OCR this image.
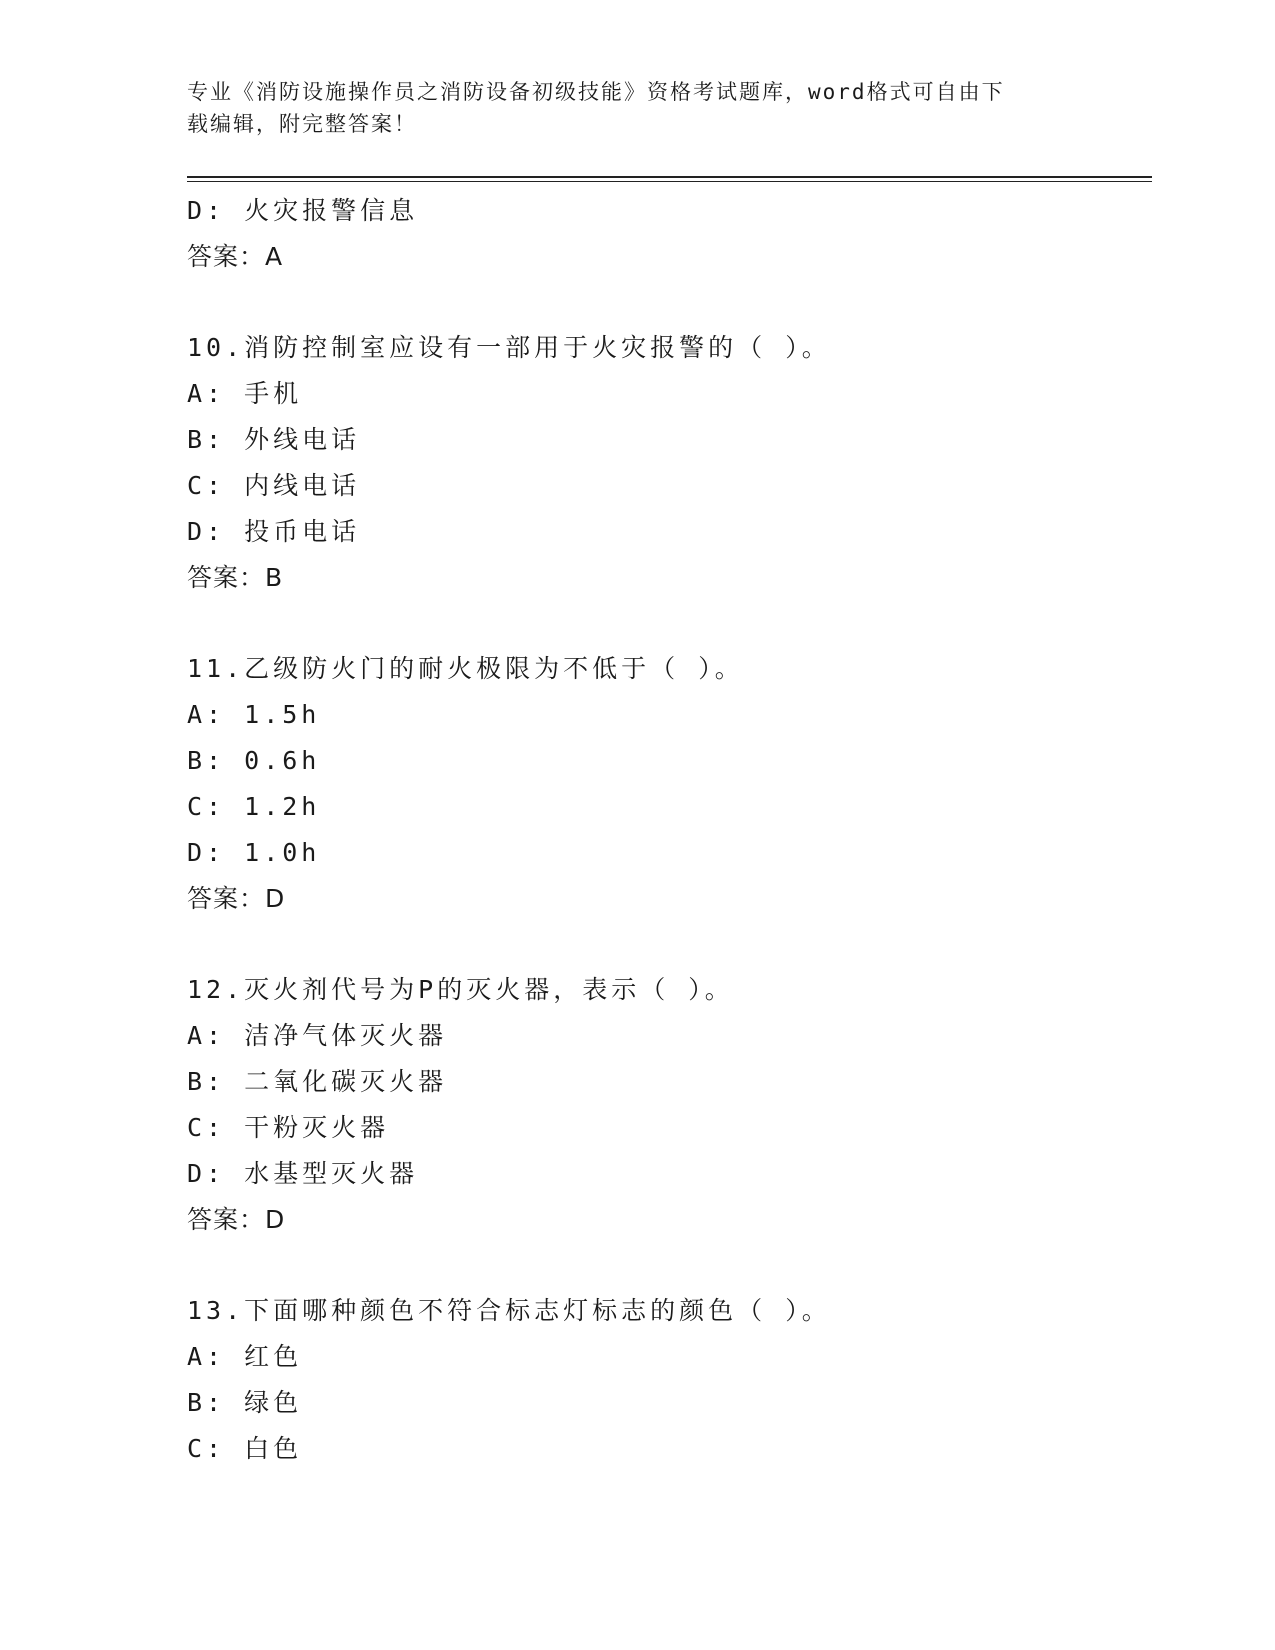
专业《消防设施操作员之消防设备初级技能》资格考试题库，word格式可自由下
载编辑，附完整答案！
D: 火灾报警信息
答案：A
10.消防控制室应设有一部用于火灾报警的（ ）。
A: 手机
B: 外线电话
C: 内线电话
D: 投币电话
答案：B
11.乙级防火门的耐火极限为不低于（ ）。
A: 1.5h
B: 0.6h
C: 1.2h
D: 1.0h
答案：D
12.灭火剂代号为P的灭火器，表示（ ）。
A: 洁净气体灭火器
B: 二氧化碳灭火器
C: 干粉灭火器
D: 水基型灭火器
答案：D
13.下面哪种颜色不符合标志灯标志的颜色（ ）。
A: 红色
B: 绿色
C: 白色
